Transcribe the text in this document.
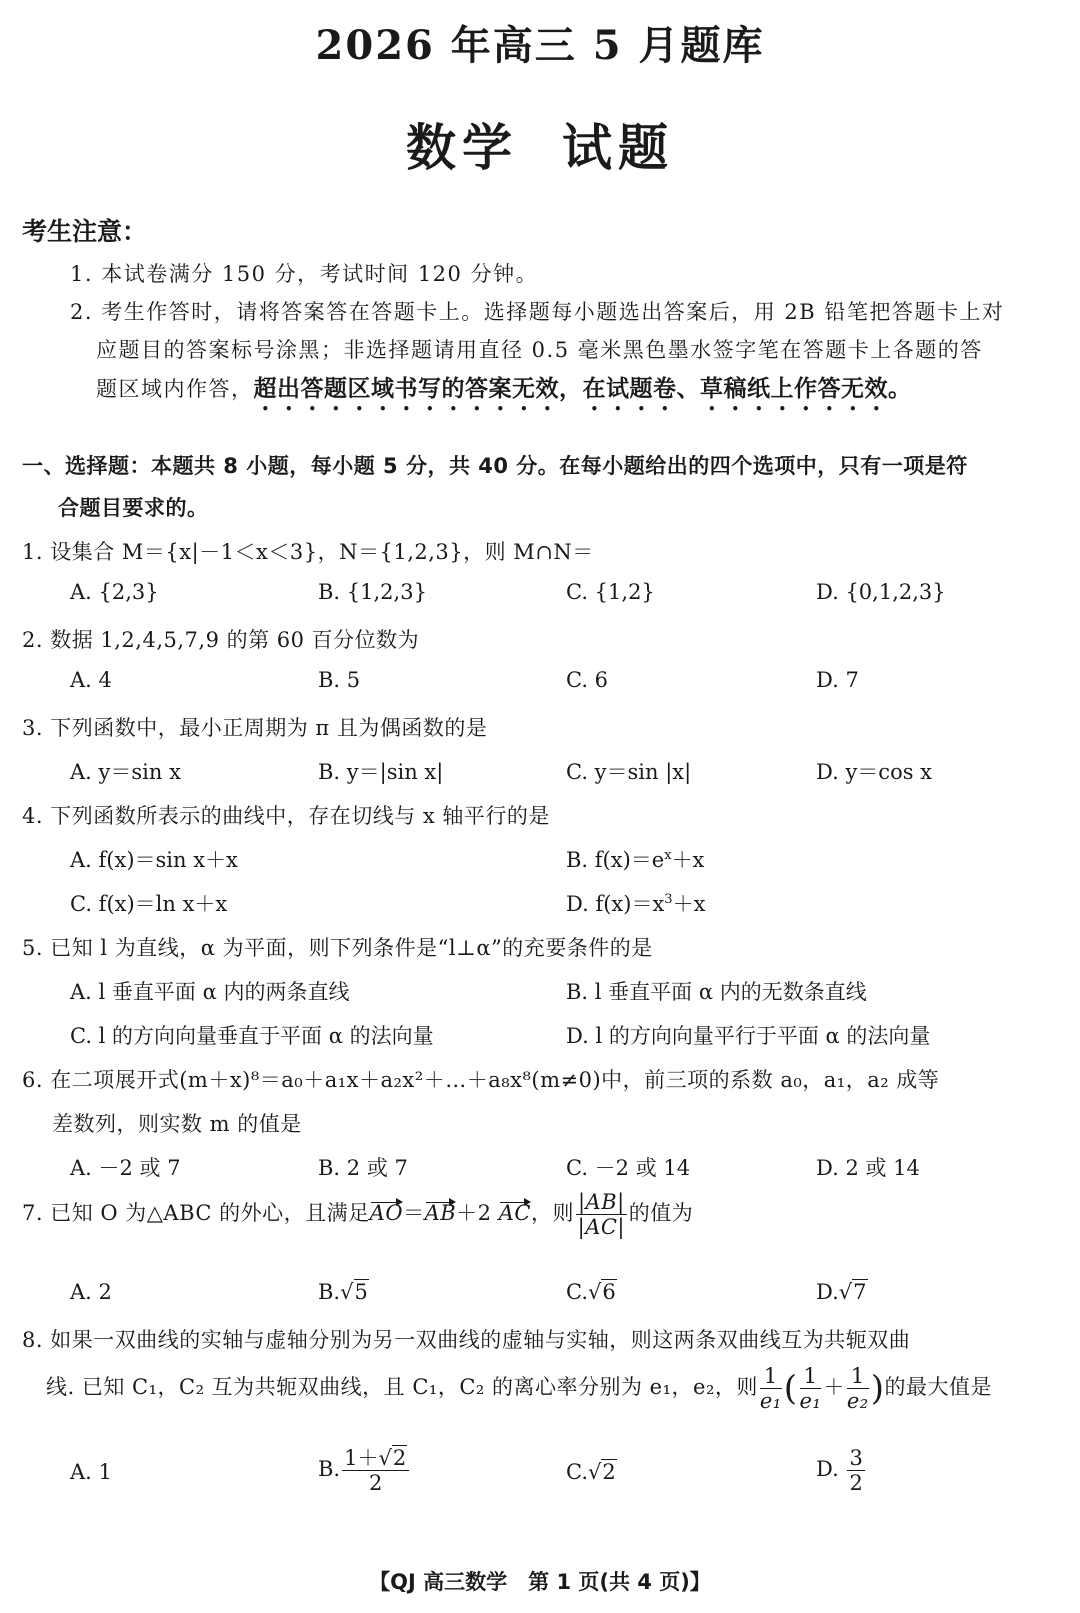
2026 年高三 5 月题库
数学 试题
考生注意：
1. 本试卷满分 150 分，考试时间 120 分钟。
2. 考生作答时，请将答案答在答题卡上。选择题每小题选出答案后，用 2B 铅笔把答题卡上对
应题目的答案标号涂黑；非选择题请用直径 0.5 毫米黑色墨水签字笔在答题卡上各题的答
题区域内作答，超出答题区域书写的答案无效，在试题卷、草稿纸上作答无效。
一、选择题：本题共 8 小题，每小题 5 分，共 40 分。在每小题给出的四个选项中，只有一项是符
合题目要求的。
1. 设集合 M＝{x|－1＜x＜3}，N＝{1,2,3}，则 M∩N＝
A. {2,3}	B. {1,2,3}	C. {1,2}	D. {0,1,2,3}
2. 数据 1,2,4,5,7,9 的第 60 百分位数为
A. 4	B. 5	C. 6	D. 7
3. 下列函数中，最小正周期为 π 且为偶函数的是
A. y＝sin x	B. y＝|sin x|	C. y＝sin |x|	D. y＝cos x
4. 下列函数所表示的曲线中，存在切线与 x 轴平行的是
A. f(x)＝sin x＋x	B. $f(x)=e^x+x$
C. f(x)＝ln x＋x	D. $f(x)=x^3+x$
5. 已知 l 为直线，α 为平面，则下列条件是“l⊥α”的充要条件的是
A. l 垂直平面 α 内的两条直线	B. l 垂直平面 α 内的无数条直线
C. l 的方向向量垂直于平面 α 的法向量	D. l 的方向向量平行于平面 α 的法向量
6. 在二项展开式(m＋x)⁸＝a₀＋a₁x＋a₂x²＋…＋a₈x⁸(m≠0)中，前三项的系数 a₀，a₁，a₂ 成等
差数列，则实数 m 的值是
A. －2 或 7	B. 2 或 7	C. －2 或 14	D. 2 或 14
7. 已知 O 为△ABC 的外心，且满足AO＝AB＋2 AC，则 $\frac{|AB|}{|AC|}$ 的值为
A. 2	B.√5	C.√6	D.√7
8. 如果一双曲线的实轴与虚轴分别为另一双曲线的虚轴与实轴，则这两条双曲线互为共轭双曲
线. 已知 C₁，C₂ 互为共轭双曲线，且 C₁，C₂ 的离心率分别为 e₁，e₂，则 $\frac{1}{\text{e₁}}$ ( $\frac{1}{\text{e₁}} + \frac{1}{\text{e₂}}$ )的最大值是
A. 1	B. $\frac{1+√2}{2}$	C.√2	D. $\frac{3}{2}$
【QJ 高三数学　第 1 页(共 4 页)】
